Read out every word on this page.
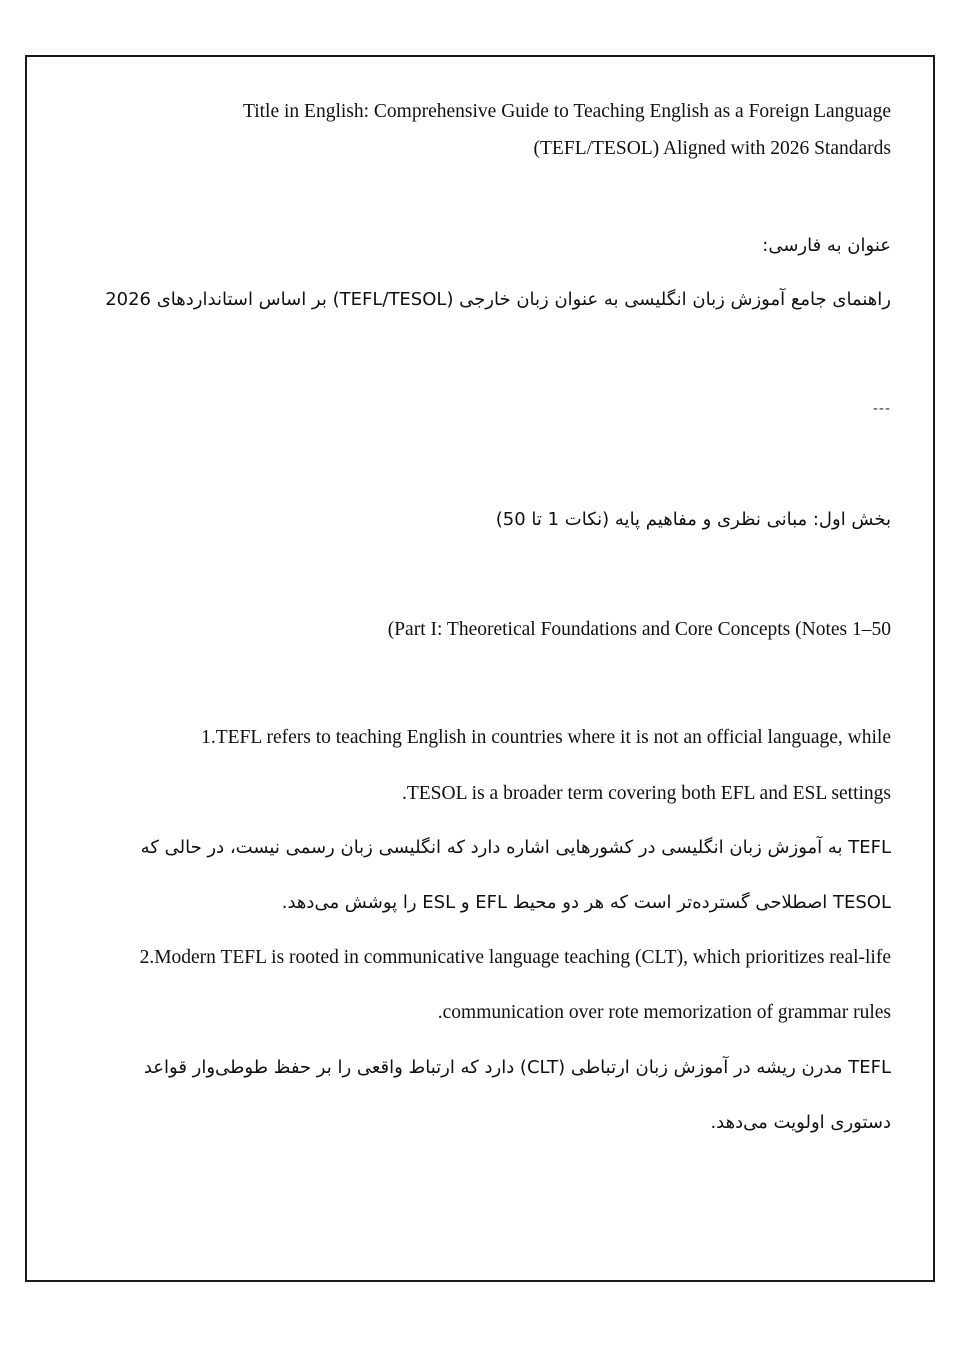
Title in English: Comprehensive Guide to Teaching English as a Foreign Language
(TEFL/TESOL) Aligned with 2026 Standards
عنوان به فارسی:
راهنمای جامع آموزش زبان انگلیسی به عنوان زبان خارجی (TEFL/TESOL) بر اساس استانداردهای 2026
---
بخش اول: مبانی نظری و مفاهیم پایه (نکات 1 تا 50)
(Part I: Theoretical Foundations and Core Concepts (Notes 1–50
1.TEFL refers to teaching English in countries where it is not an official language, while
.TESOL is a broader term covering both EFL and ESL settings
TEFL به آموزش زبان انگلیسی در کشورهایی اشاره دارد که انگلیسی زبان رسمی نیست، در حالی که
TESOL اصطلاحی گسترده‌تر است که هر دو محیط EFL و ESL را پوشش می‌دهد.
2.Modern TEFL is rooted in communicative language teaching (CLT), which prioritizes real-life
.communication over rote memorization of grammar rules
TEFL مدرن ریشه در آموزش زبان ارتباطی (CLT) دارد که ارتباط واقعی را بر حفظ طوطی‌وار قواعد
دستوری اولویت می‌دهد.
